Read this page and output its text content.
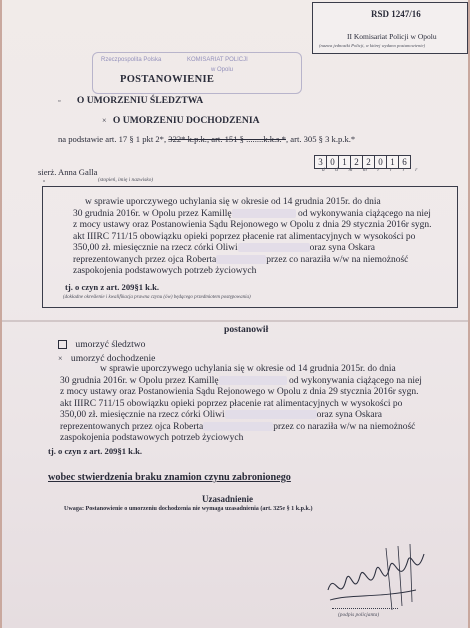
RSD 1247/16
II Komisariat Policji w Opolu
(nazwa jednostki Policji, w której wydano postanowienie)
Rzeczpospolita Polska	KOMISARIAT POLICJI
w Opolu
POSTANOWIENIE
▫ O UMORZENIU ŚLEDZTWA
× O UMORZENIU DOCHODZENIA
na podstawie art. 17 § 1 pkt 2*, 322* k.p.k., art. 151 § ........k.k.s.*, art. 305 § 3 k.p.k.*
3 0 1 2 2 0 1 6
d d m m r r r r
sierż. Anna Galla
(stopień, imię i nazwisko)
▫
w sprawie uporczywego uchylania się w okresie od 14 grudnia 2015r. do dnia
30 grudnia 2016r. w Opolu przez Kamillę	od wykonywania ciążącego na niej
z mocy ustawy oraz Postanowienia Sądu Rejonowego w Opolu z dnia 29 stycznia 2016r sygn.
akt IIIRC 711/15 obowiązku opieki poprzez płacenie rat alimentacyjnych w wysokości po
350,00 zł. miesięcznie na rzecz córki Oliwi	oraz syna Oskara
reprezentowanych przez ojca Roberta	przez co naraziła w/w na niemożność
zaspokojenia podstawowych potrzeb życiowych
tj. o czyn z art. 209§1 k.k.
(dokładne określenie i kwalifikacja prawna czynu (ów) będącego przedmiotem postępowania)
postanowił
umorzyć śledztwo
× umorzyć dochodzenie
w sprawie uporczywego uchylania się w okresie od 14 grudnia 2015r. do dnia
30 grudnia 2016r. w Opolu przez Kamillę	od wykonywania ciążącego na niej
z mocy ustawy oraz Postanowienia Sądu Rejonowego w Opolu z dnia 29 stycznia 2016r sygn.
akt IIIRC 711/15 obowiązku opieki poprzez płacenie rat alimentacyjnych w wysokości po
350,00 zł. miesięcznie na rzecz córki Oliwi	oraz syna Oskara
reprezentowanych przez ojca Roberta	przez co naraziła w/w na niemożność
zaspokojenia podstawowych potrzeb życiowych
tj. o czyn z art. 209§1 k.k.
wobec stwierdzenia braku znamion czynu zabronionego
Uzasadnienie
Uwaga: Postanowienie o umorzeniu dochodzenia nie wymaga uzasadnienia (art. 325e § 1 k.p.k.)
(podpis policjanta)
